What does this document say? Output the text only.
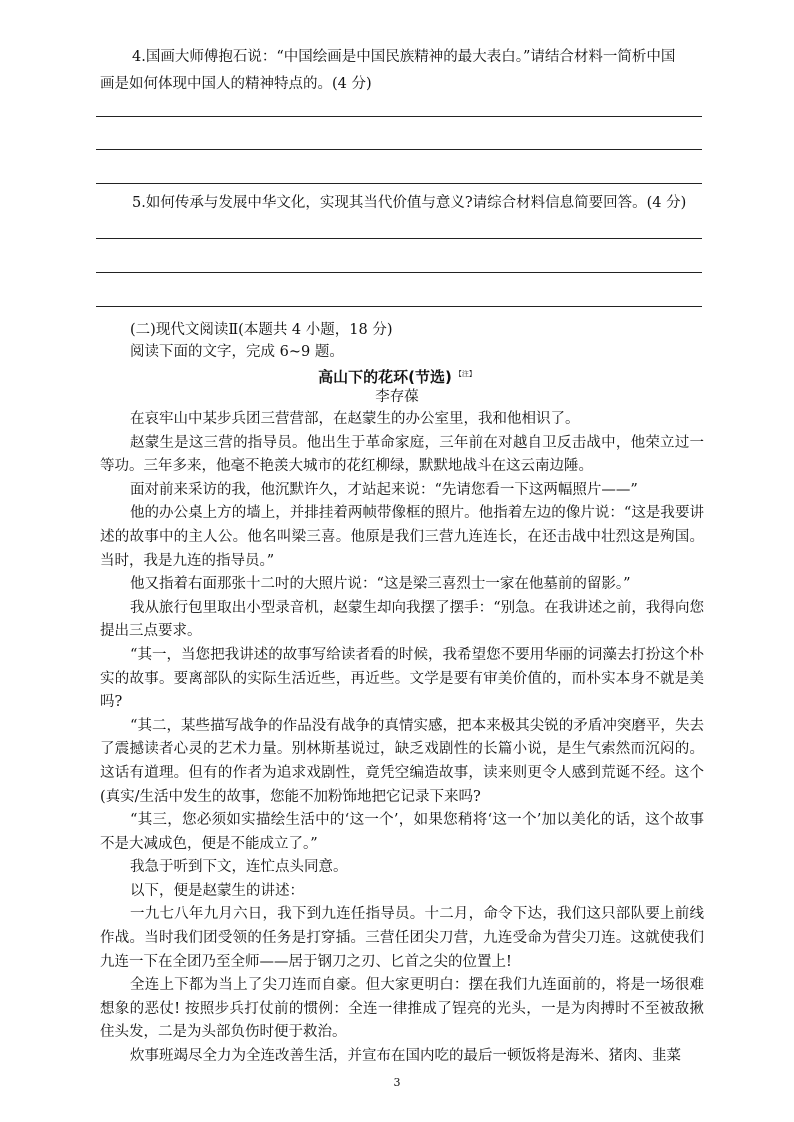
4.国画大师傅抱石说：“中国绘画是中国民族精神的最大表白。”请结合材料一简析中国
画是如何体现中国人的精神特点的。(4 分)
5.如何传承与发展中华文化，实现其当代价值与意义?请综合材料信息简要回答。(4 分)

(二)现代文阅读Ⅱ(本题共 4 小题，18 分)

阅读下面的文字，完成 6~9 题。

高山下的花环(节选) $^{【注】}$
李存葆

在哀牢山中某步兵团三营营部，在赵蒙生的办公室里，我和他相识了。

赵蒙生是这三营的指导员。他出生于革命家庭，三年前在对越自卫反击战中，他荣立过一等功。三年多来，他毫不艳羡大城市的花红柳绿，默默地战斗在这云南边陲。

面对前来采访的我，他沉默许久，才站起来说：“先请您看一下这两幅照片——”

他的办公桌上方的墙上，并排挂着两帧带像框的照片。他指着左边的像片说：“这是我要讲述的故事中的主人公。他名叫梁三喜。他原是我们三营九连连长，在还击战中壮烈这是殉国。当时，我是九连的指导员。”

他又指着右面那张十二吋的大照片说：“这是梁三喜烈士一家在他墓前的留影。”

我从旅行包里取出小型录音机，赵蒙生却向我摆了摆手：“别急。在我讲述之前，我得向您提出三点要求。

“其一，当您把我讲述的故事写给读者看的时候，我希望您不要用华丽的词藻去打扮这个朴实的故事。要离部队的实际生活近些，再近些。文学是要有审美价值的，而朴实本身不就是美吗?

“其二，某些描写战争的作品没有战争的真情实感，把本来极其尖锐的矛盾冲突磨平，失去了震撼读者心灵的艺术力量。别林斯基说过，缺乏戏剧性的长篇小说，是生气索然而沉闷的。这话有道理。但有的作者为追求戏剧性，竟凭空编造故事，读来则更令人感到荒诞不经。这个(真实/生活中发生的故事，您能不加粉饰地把它记录下来吗?

“其三，您必须如实描绘生活中的‘这一个’，如果您稍将‘这一个’加以美化的话，这个故事不是大减成色，便是不能成立了。”

我急于听到下文，连忙点头同意。

以下，便是赵蒙生的讲述：

一九七八年九月六日，我下到九连任指导员。十二月，命令下达，我们这只部队要上前线作战。当时我们团受领的任务是打穿插。三营任团尖刀营，九连受命为营尖刀连。这就使我们九连一下在全团乃至全师——居于钢刀之刃、匕首之尖的位置上!

全连上下都为当上了尖刀连而自豪。但大家更明白：摆在我们九连面前的，将是一场很难想象的恶仗! 按照步兵打仗前的惯例：全连一律推成了锃亮的光头，一是为肉搏时不至被敌揪住头发，二是为头部负伤时便于救治。

炊事班竭尽全力为全连改善生活，并宣布在国内吃的最后一顿饭将是海米、猪肉、韭菜

3
